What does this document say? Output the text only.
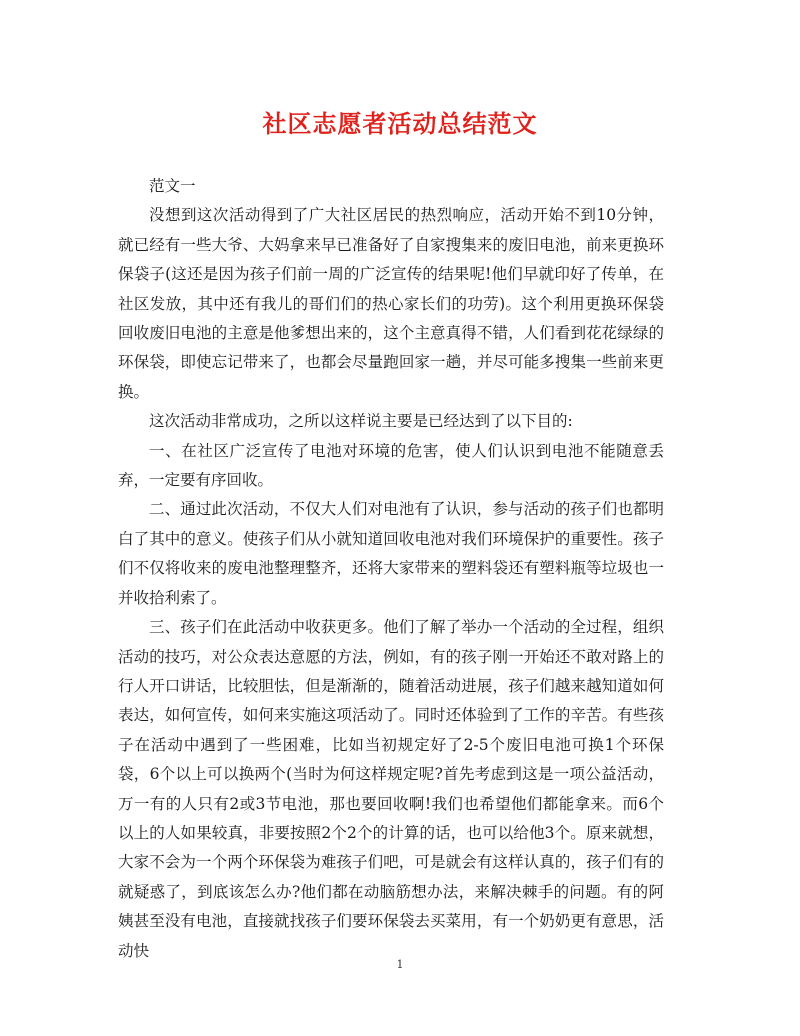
社区志愿者活动总结范文

范文一

没想到这次活动得到了广大社区居民的热烈响应，活动开始不到10分钟，就已经有一些大爷、大妈拿来早已准备好了自家搜集来的废旧电池，前来更换环保袋子(这还是因为孩子们前一周的广泛宣传的结果呢!他们早就印好了传单，在社区发放，其中还有我儿的哥们们的热心家长们的功劳)。这个利用更换环保袋回收废旧电池的主意是他爹想出来的，这个主意真得不错，人们看到花花绿绿的环保袋，即使忘记带来了，也都会尽量跑回家一趟，并尽可能多搜集一些前来更换。

这次活动非常成功，之所以这样说主要是已经达到了以下目的:

一、在社区广泛宣传了电池对环境的危害，使人们认识到电池不能随意丢弃，一定要有序回收。

二、通过此次活动，不仅大人们对电池有了认识，参与活动的孩子们也都明白了其中的意义。使孩子们从小就知道回收电池对我们环境保护的重要性。孩子们不仅将收来的废电池整理整齐，还将大家带来的塑料袋还有塑料瓶等垃圾也一并收拾利索了。

三、孩子们在此活动中收获更多。他们了解了举办一个活动的全过程，组织活动的技巧，对公众表达意愿的方法，例如，有的孩子刚一开始还不敢对路上的行人开口讲话，比较胆怯，但是渐渐的，随着活动进展，孩子们越来越知道如何表达，如何宣传，如何来实施这项活动了。同时还体验到了工作的辛苦。有些孩子在活动中遇到了一些困难，比如当初规定好了2-5个废旧电池可换1个环保袋，6个以上可以换两个(当时为何这样规定呢?首先考虑到这是一项公益活动，万一有的人只有2或3节电池，那也要回收啊!我们也希望他们都能拿来。而6个以上的人如果较真，非要按照2个2个的计算的话，也可以给他3个。原来就想，大家不会为一个两个环保袋为难孩子们吧，可是就会有这样认真的，孩子们有的就疑惑了，到底该怎么办?他们都在动脑筋想办法，来解决棘手的问题。有的阿姨甚至没有电池，直接就找孩子们要环保袋去买菜用，有一个奶奶更有意思，活动快

1
